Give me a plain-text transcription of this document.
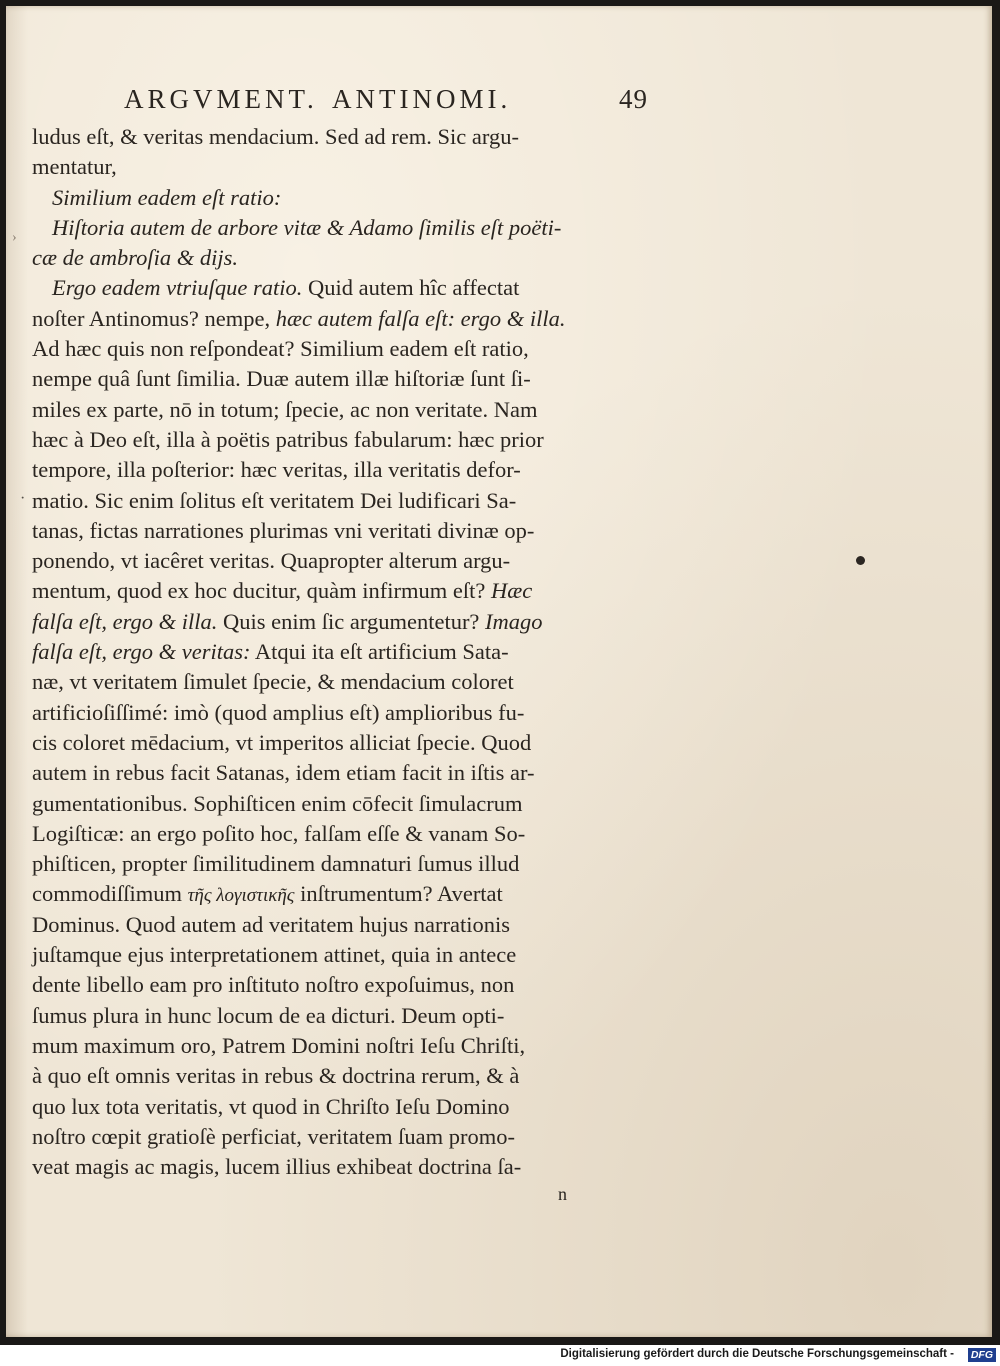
ARGVMENT. ANTINOMI.	49
ludus eſt, & veritas mendacium. Sed ad rem. Sic argu-
mentatur,
Similium eadem eſt ratio:
Hiſtoria autem de arbore vitæ & Adamo ſimilis eſt poëti-
cæ de ambroſia & dijs.
Ergo eadem vtriuſque ratio. Quid autem hîc affectat
noſter Antinomus? nempe, hæc autem falſa eſt: ergo & illa.
Ad hæc quis non reſpondeat? Similium eadem eſt ratio,
nempe quâ ſunt ſimilia. Duæ autem illæ hiſtoriæ ſunt ſi-
miles ex parte, nō in totum; ſpecie, ac non veritate. Nam
hæc à Deo eſt, illa à poëtis patribus fabularum: hæc prior
tempore, illa poſterior: hæc veritas, illa veritatis defor-
matio. Sic enim ſolitus eſt veritatem Dei ludificari Sa-
tanas, fictas narrationes plurimas vni veritati divinæ op-
ponendo, vt iacêret veritas. Quapropter alterum argu-
mentum, quod ex hoc ducitur, quàm infirmum eſt? Hæc
falſa eſt, ergo & illa. Quis enim ſic argumentetur? Imago
falſa eſt, ergo & veritas: Atqui ita eſt artificium Sata-
næ, vt veritatem ſimulet ſpecie, & mendacium coloret
artificioſiſſimé: imò (quod amplius eſt) amplioribus fu-
cis coloret mēdacium, vt imperitos alliciat ſpecie. Quod
autem in rebus facit Satanas, idem etiam facit in iſtis ar-
gumentationibus. Sophiſticen enim cōfecit ſimulacrum
Logiſticæ: an ergo poſito hoc, falſam eſſe & vanam So-
phiſticen, propter ſimilitudinem damnaturi ſumus illud
commodiſſimum τῆς λογιστικῆς inſtrumentum? Avertat
Dominus. Quod autem ad veritatem hujus narrationis
juſtamque ejus interpretationem attinet, quia in antece
dente libello eam pro inſtituto noſtro expoſuimus, non
ſumus plura in hunc locum de ea dicturi. Deum opti-
mum maximum oro, Patrem Domini noſtri Ieſu Chriſti,
à quo eſt omnis veritas in rebus & doctrina rerum, & à
quo lux tota veritatis, vt quod in Chriſto Ieſu Domino
noſtro cœpit gratioſè perficiat, veritatem ſuam promo-
veat magis ac magis, lucem illius exhibeat doctrina ſa-
n
·
›
Digitalisierung gefördert durch die Deutsche Forschungsgemeinschaft - DFG
